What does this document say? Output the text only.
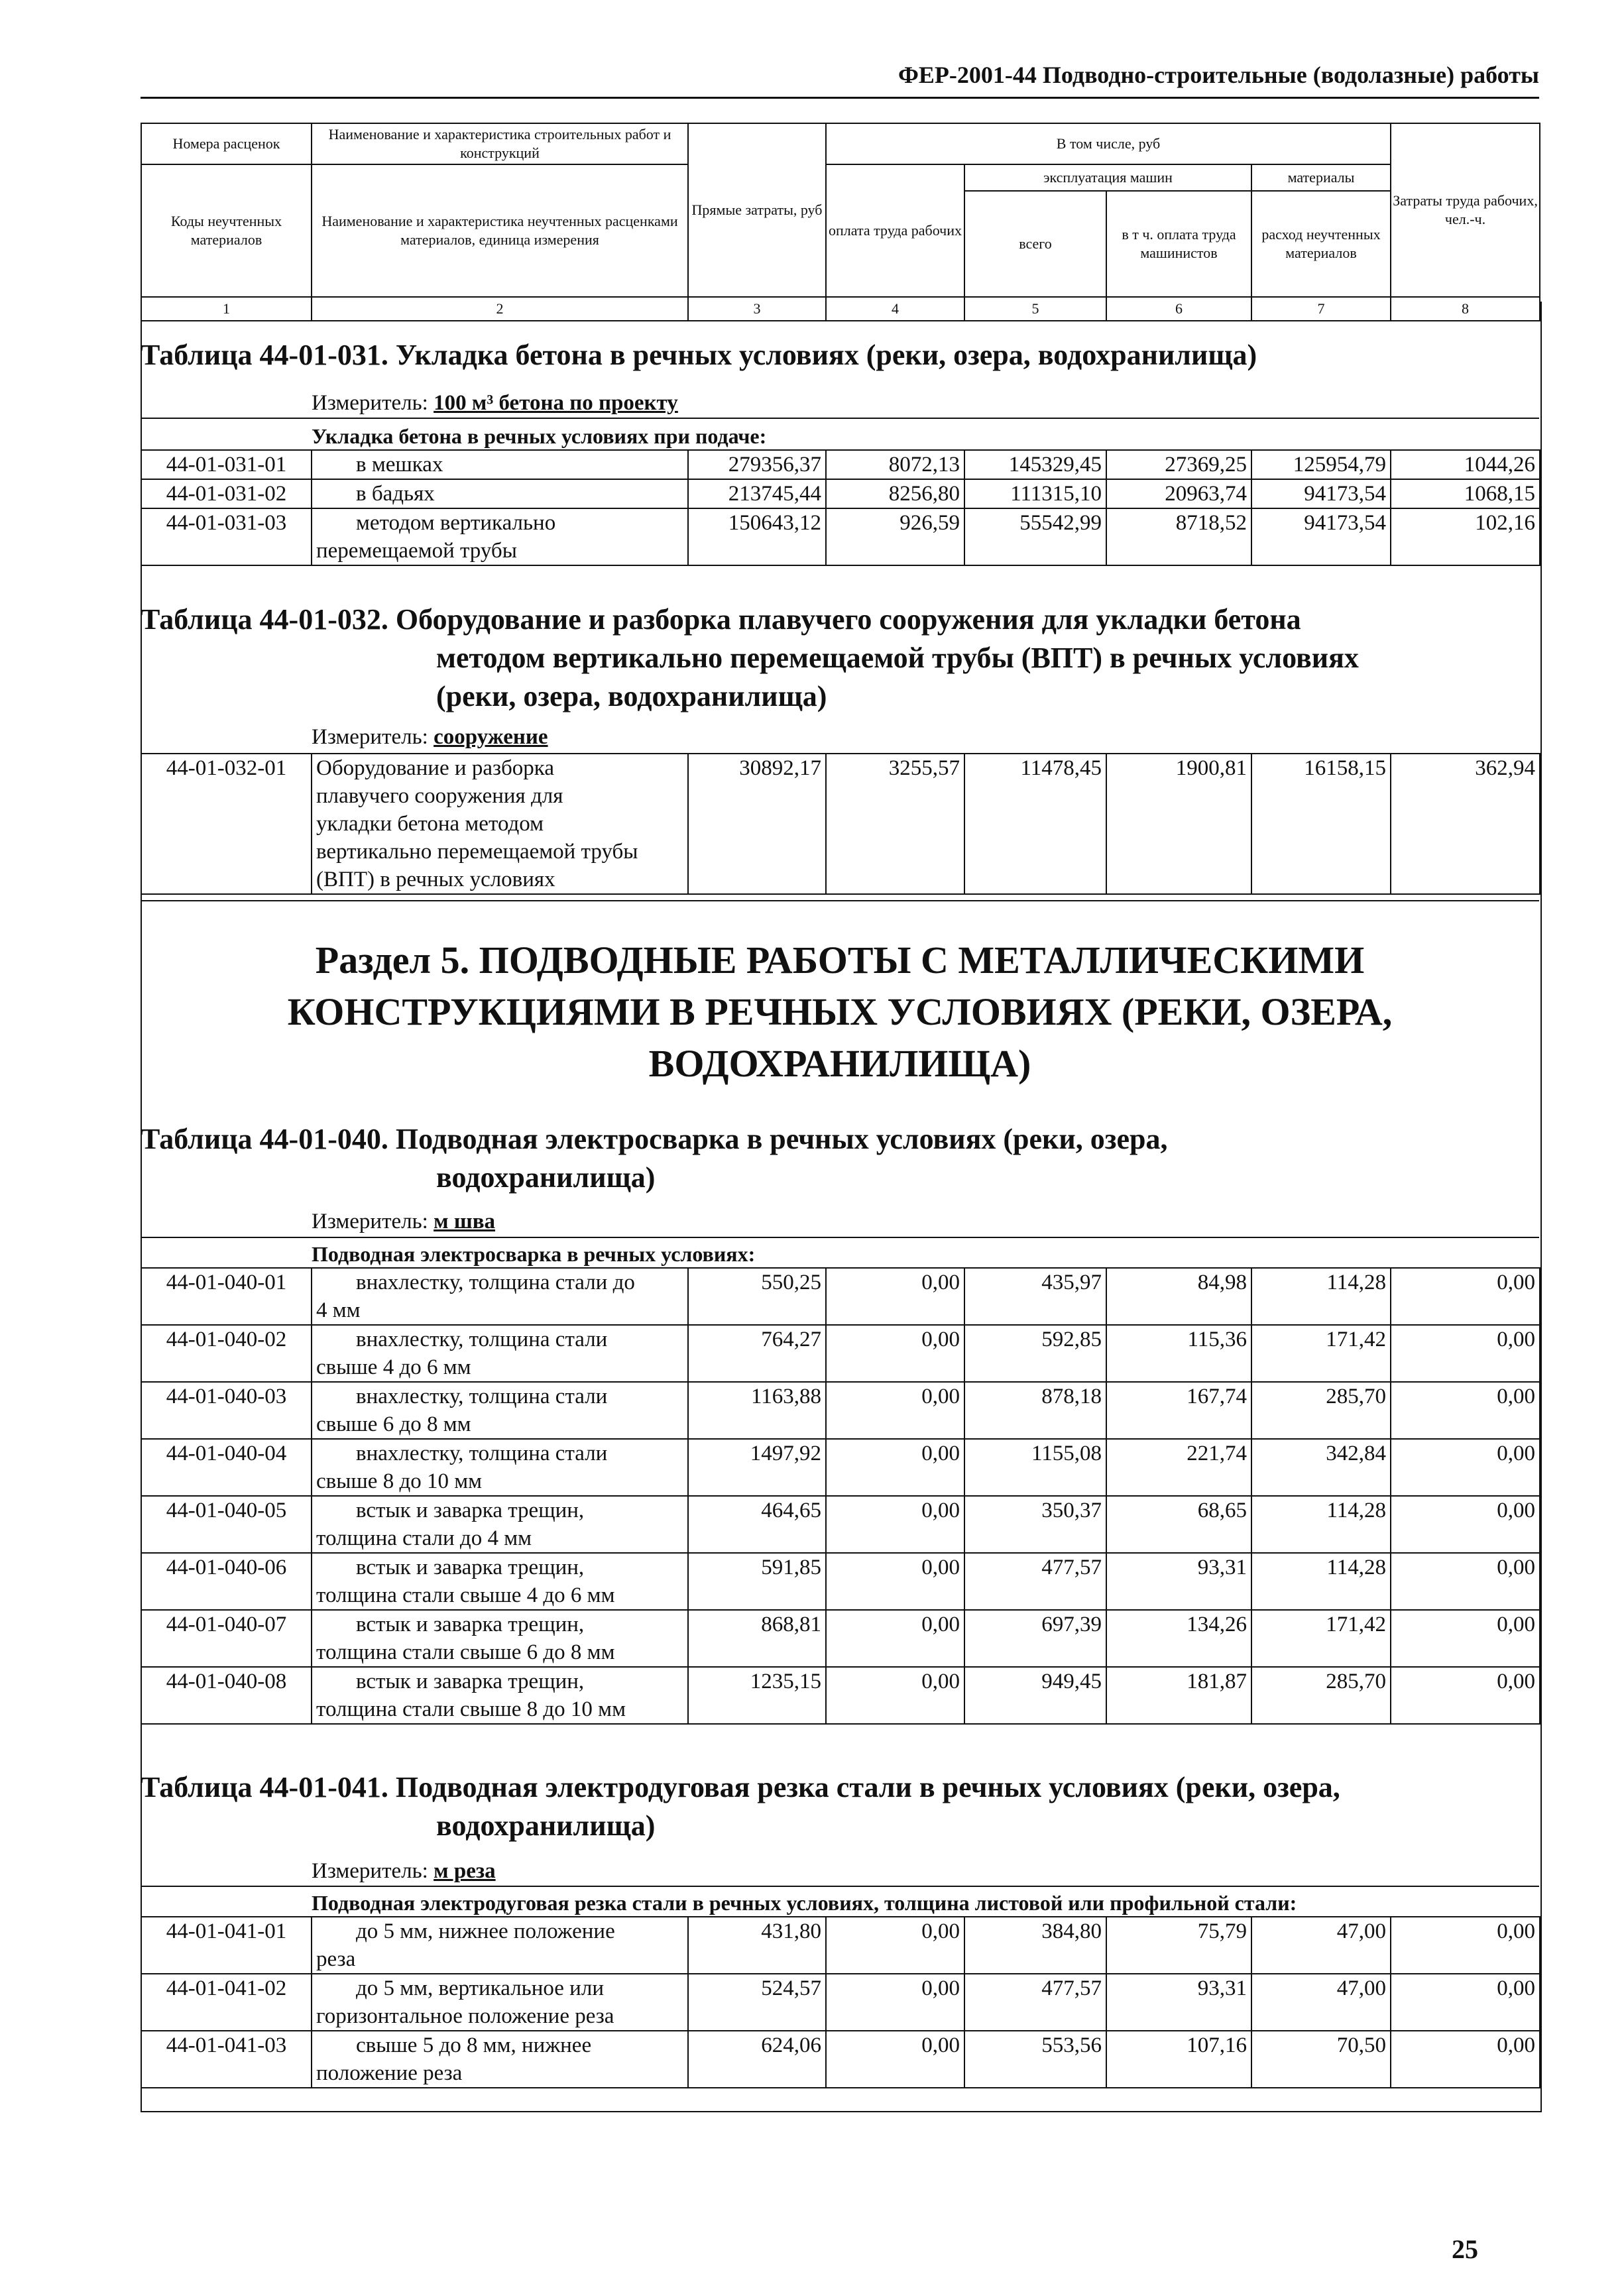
ФЕР-2001-44 Подводно-строительные (водолазные) работы
Номера расценок	Наименование и характеристика строительных работ и конструкций	Прямые затраты, руб	В том числе, руб				Затраты труда рабочих, чел.-ч.
Коды неучтенных материалов	Наименование и характеристика неучтенных расценками материалов, единица измерения		оплата труда рабочих	эксплуатация машин		материалы	
				всего	в т ч. оплата труда машинистов	расход неучтенных материалов	
1	2	3	4	5	6	7	8
Таблица 44-01-031. Укладка бетона в речных условиях (реки, озера, водохранилища)
Измеритель: 100 м³ бетона по проекту
Укладка бетона в речных условиях при подаче:
44-01-031-01	в мешках	279356,37	8072,13	145329,45	27369,25	125954,79	1044,26
44-01-031-02	в бадьях	213745,44	8256,80	111315,10	20963,74	94173,54	1068,15
44-01-031-03	методом вертикально
перемещаемой трубы	150643,12	926,59	55542,99	8718,52	94173,54	102,16
Таблица 44-01-032. Оборудование и разборка плавучего сооружения для укладки бетона
методом вертикально перемещаемой трубы (ВПТ) в речных условиях
(реки, озера, водохранилища)
Измеритель: сооружение
44-01-032-01	Оборудование и разборка
плавучего сооружения для
укладки бетона методом
вертикально перемещаемой трубы
(ВПТ) в речных условиях
	30892,17	3255,57	11478,45	1900,81	16158,15	362,94
Раздел 5. ПОДВОДНЫЕ РАБОТЫ С МЕТАЛЛИЧЕСКИМИ
КОНСТРУКЦИЯМИ В РЕЧНЫХ УСЛОВИЯХ (РЕКИ, ОЗЕРА,
ВОДОХРАНИЛИЩА)
Таблица 44-01-040. Подводная электросварка в речных условиях (реки, озера,
водохранилища)
Измеритель: м шва
Подводная электросварка в речных условиях:
44-01-040-01	внахлестку, толщина стали до
4 мм	550,25	0,00	435,97	84,98	114,28	0,00
44-01-040-02	внахлестку, толщина стали
свыше 4 до 6 мм	764,27	0,00	592,85	115,36	171,42	0,00
44-01-040-03	внахлестку, толщина стали
свыше 6 до 8 мм	1163,88	0,00	878,18	167,74	285,70	0,00
44-01-040-04	внахлестку, толщина стали
свыше 8 до 10 мм	1497,92	0,00	1155,08	221,74	342,84	0,00
44-01-040-05	встык и заварка трещин,
толщина стали до 4 мм	464,65	0,00	350,37	68,65	114,28	0,00
44-01-040-06	встык и заварка трещин,
толщина стали свыше 4 до 6 мм	591,85	0,00	477,57	93,31	114,28	0,00
44-01-040-07	встык и заварка трещин,
толщина стали свыше 6 до 8 мм	868,81	0,00	697,39	134,26	171,42	0,00
44-01-040-08	встык и заварка трещин,
толщина стали свыше 8 до 10 мм	1235,15	0,00	949,45	181,87	285,70	0,00
Таблица 44-01-041. Подводная электродуговая резка стали в речных условиях (реки, озера,
водохранилища)
Измеритель: м реза
Подводная электродуговая резка стали в речных условиях, толщина листовой или профильной стали:
44-01-041-01	до 5 мм, нижнее положение
реза	431,80	0,00	384,80	75,79	47,00	0,00
44-01-041-02	до 5 мм, вертикальное или
горизонтальное положение реза	524,57	0,00	477,57	93,31	47,00	0,00
44-01-041-03	свыше 5 до 8 мм, нижнее
положение реза	624,06	0,00	553,56	107,16	70,50	0,00
25
